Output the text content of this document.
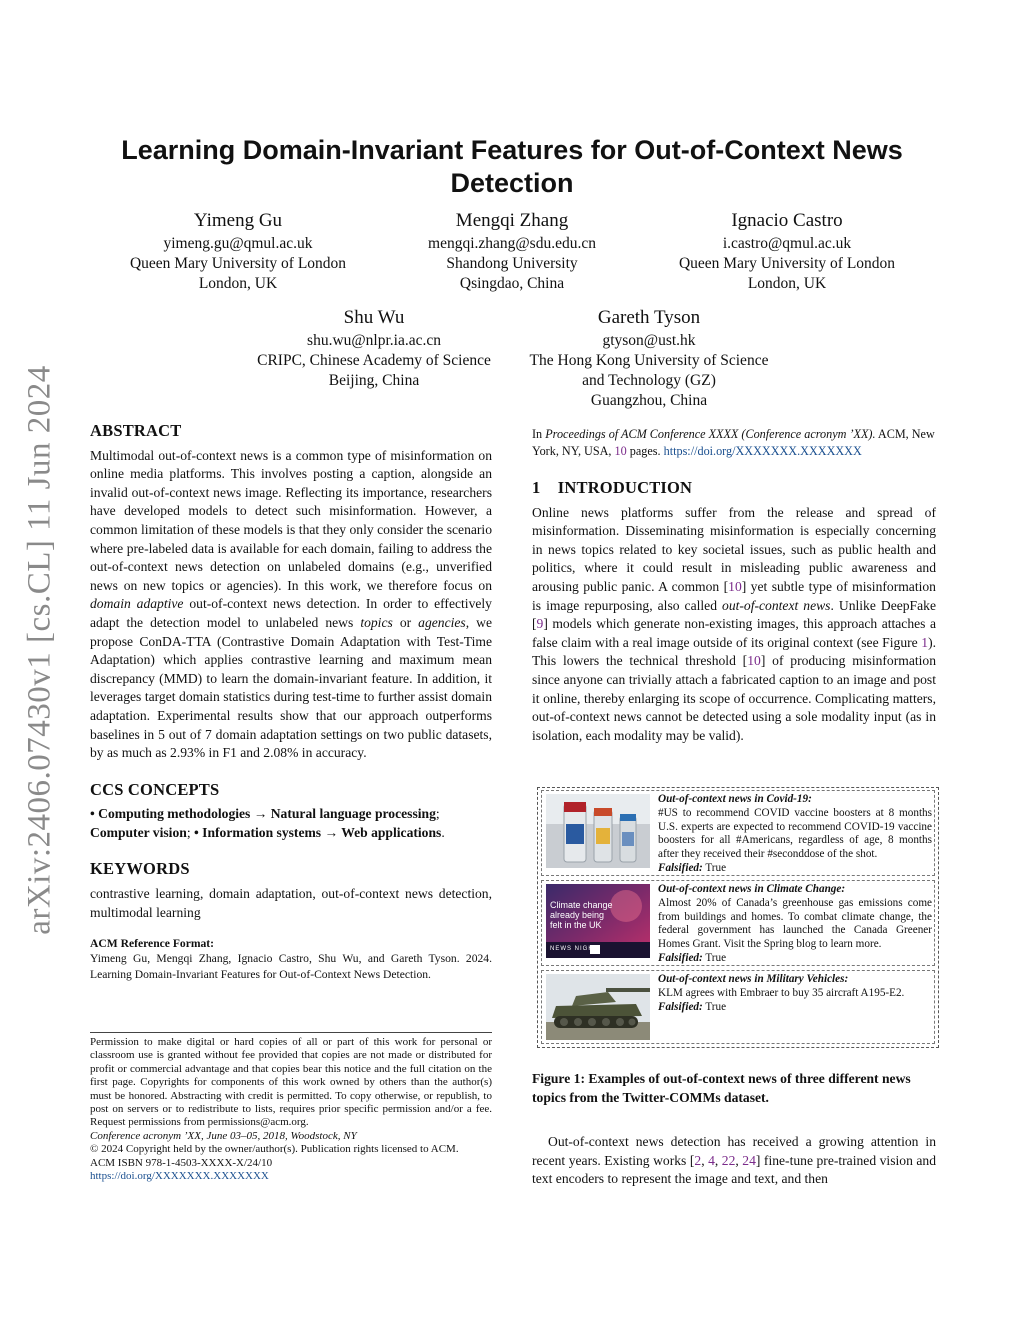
arXiv:2406.07430v1 [cs.CL] 11 Jun 2024
Learning Domain-Invariant Features for Out-of-Context News Detection
Yimeng Gu
yimeng.gu@qmul.ac.uk
Queen Mary University of London
London, UK
Mengqi Zhang
mengqi.zhang@sdu.edu.cn
Shandong University
Qsingdao, China
Ignacio Castro
i.castro@qmul.ac.uk
Queen Mary University of London
London, UK
Shu Wu
shu.wu@nlpr.ia.ac.cn
CRIPC, Chinese Academy of Science
Beijing, China
Gareth Tyson
gtyson@ust.hk
The Hong Kong University of Science
and Technology (GZ)
Guangzhou, China
ABSTRACT

Multimodal out-of-context news is a common type of misinformation on online media platforms. This involves posting a caption, alongside an invalid out-of-context news image. Reflecting its importance, researchers have developed models to detect such misinformation. However, a common limitation of these models is that they only consider the scenario where pre-labeled data is available for each domain, failing to address the out-of-context news detection on unlabeled domains (e.g., unverified news on new topics or agencies). In this work, we therefore focus on domain adaptive out-of-context news detection. In order to effectively adapt the detection model to unlabeled news topics or agencies, we propose ConDA-TTA (Contrastive Domain Adaptation with Test-Time Adaptation) which applies contrastive learning and maximum mean discrepancy (MMD) to learn the domain-invariant feature. In addition, it leverages target domain statistics during test-time to further assist domain adaptation. Experimental results show that our approach outperforms baselines in 5 out of 7 domain adaptation settings on two public datasets, by as much as 2.93% in F1 and 2.08% in accuracy.

CCS CONCEPTS

• Computing methodologies → Natural language processing; Computer vision; • Information systems → Web applications.

KEYWORDS

contrastive learning, domain adaptation, out-of-context news detection, multimodal learning

ACM Reference Format:

Yimeng Gu, Mengqi Zhang, Ignacio Castro, Shu Wu, and Gareth Tyson. 2024. Learning Domain-Invariant Features for Out-of-Context News Detection.

Permission to make digital or hard copies of all or part of this work for personal or classroom use is granted without fee provided that copies are not made or distributed for profit or commercial advantage and that copies bear this notice and the full citation on the first page. Copyrights for components of this work owned by others than the author(s) must be honored. Abstracting with credit is permitted. To copy otherwise, or republish, to post on servers or to redistribute to lists, requires prior specific permission and/or a fee. Request permissions from permissions@acm.org.

Conference acronym ’XX, June 03–05, 2018, Woodstock, NY

© 2024 Copyright held by the owner/author(s). Publication rights licensed to ACM.

ACM ISBN 978-1-4503-XXXX-X/24/10

https://doi.org/XXXXXXX.XXXXXXX

In Proceedings of ACM Conference XXXX (Conference acronym ’XX). ACM, New York, NY, USA, 10 pages. https://doi.org/XXXXXXX.XXXXXXX
1    INTRODUCTION

Online news platforms suffer from the release and spread of misinformation. Disseminating misinformation is especially concerning in news topics related to key societal issues, such as public health and politics, where it could result in misleading public awareness and arousing public panic. A common [10] yet subtle type of misinformation is image repurposing, also called out-of-context news. Unlike DeepFake [9] models which generate non-existing images, this approach attaches a false claim with a real image outside of its original context (see Figure 1). This lowers the technical threshold [10] of producing misinformation since anyone can trivially attach a fabricated caption to an image and post it online, thereby enlarging its scope of occurrence. Complicating matters, out-of-context news cannot be detected using a sole modality input (as in isolation, each modality may be valid).

Out-of-context news in Covid-19:
#US to recommend COVID vaccine boosters at 8 months U.S. experts are expected to recommend COVID-19 vaccine boosters for all #Americans, regardless of age, 8 months after they received their #seconddose of the shot.
Falsified: True
Climate change already being felt in the UK
NEWS NIGHT
Out-of-context news in Climate Change:
Almost 20% of Canada’s greenhouse gas emissions come from buildings and homes. To combat climate change, the federal government has launched the Canada Greener Homes Grant. Visit the Spring blog to learn more.
Falsified: True
Out-of-context news in Military Vehicles:
KLM agrees with Embraer to buy 35 aircraft A195-E2.
Falsified: True
Figure 1: Examples of out-of-context news of three different news topics from the Twitter-COMMs dataset.
Out-of-context news detection has received a growing attention in recent years. Existing works [2, 4, 22, 24] fine-tune pre-trained vision and text encoders to represent the image and text, and then
